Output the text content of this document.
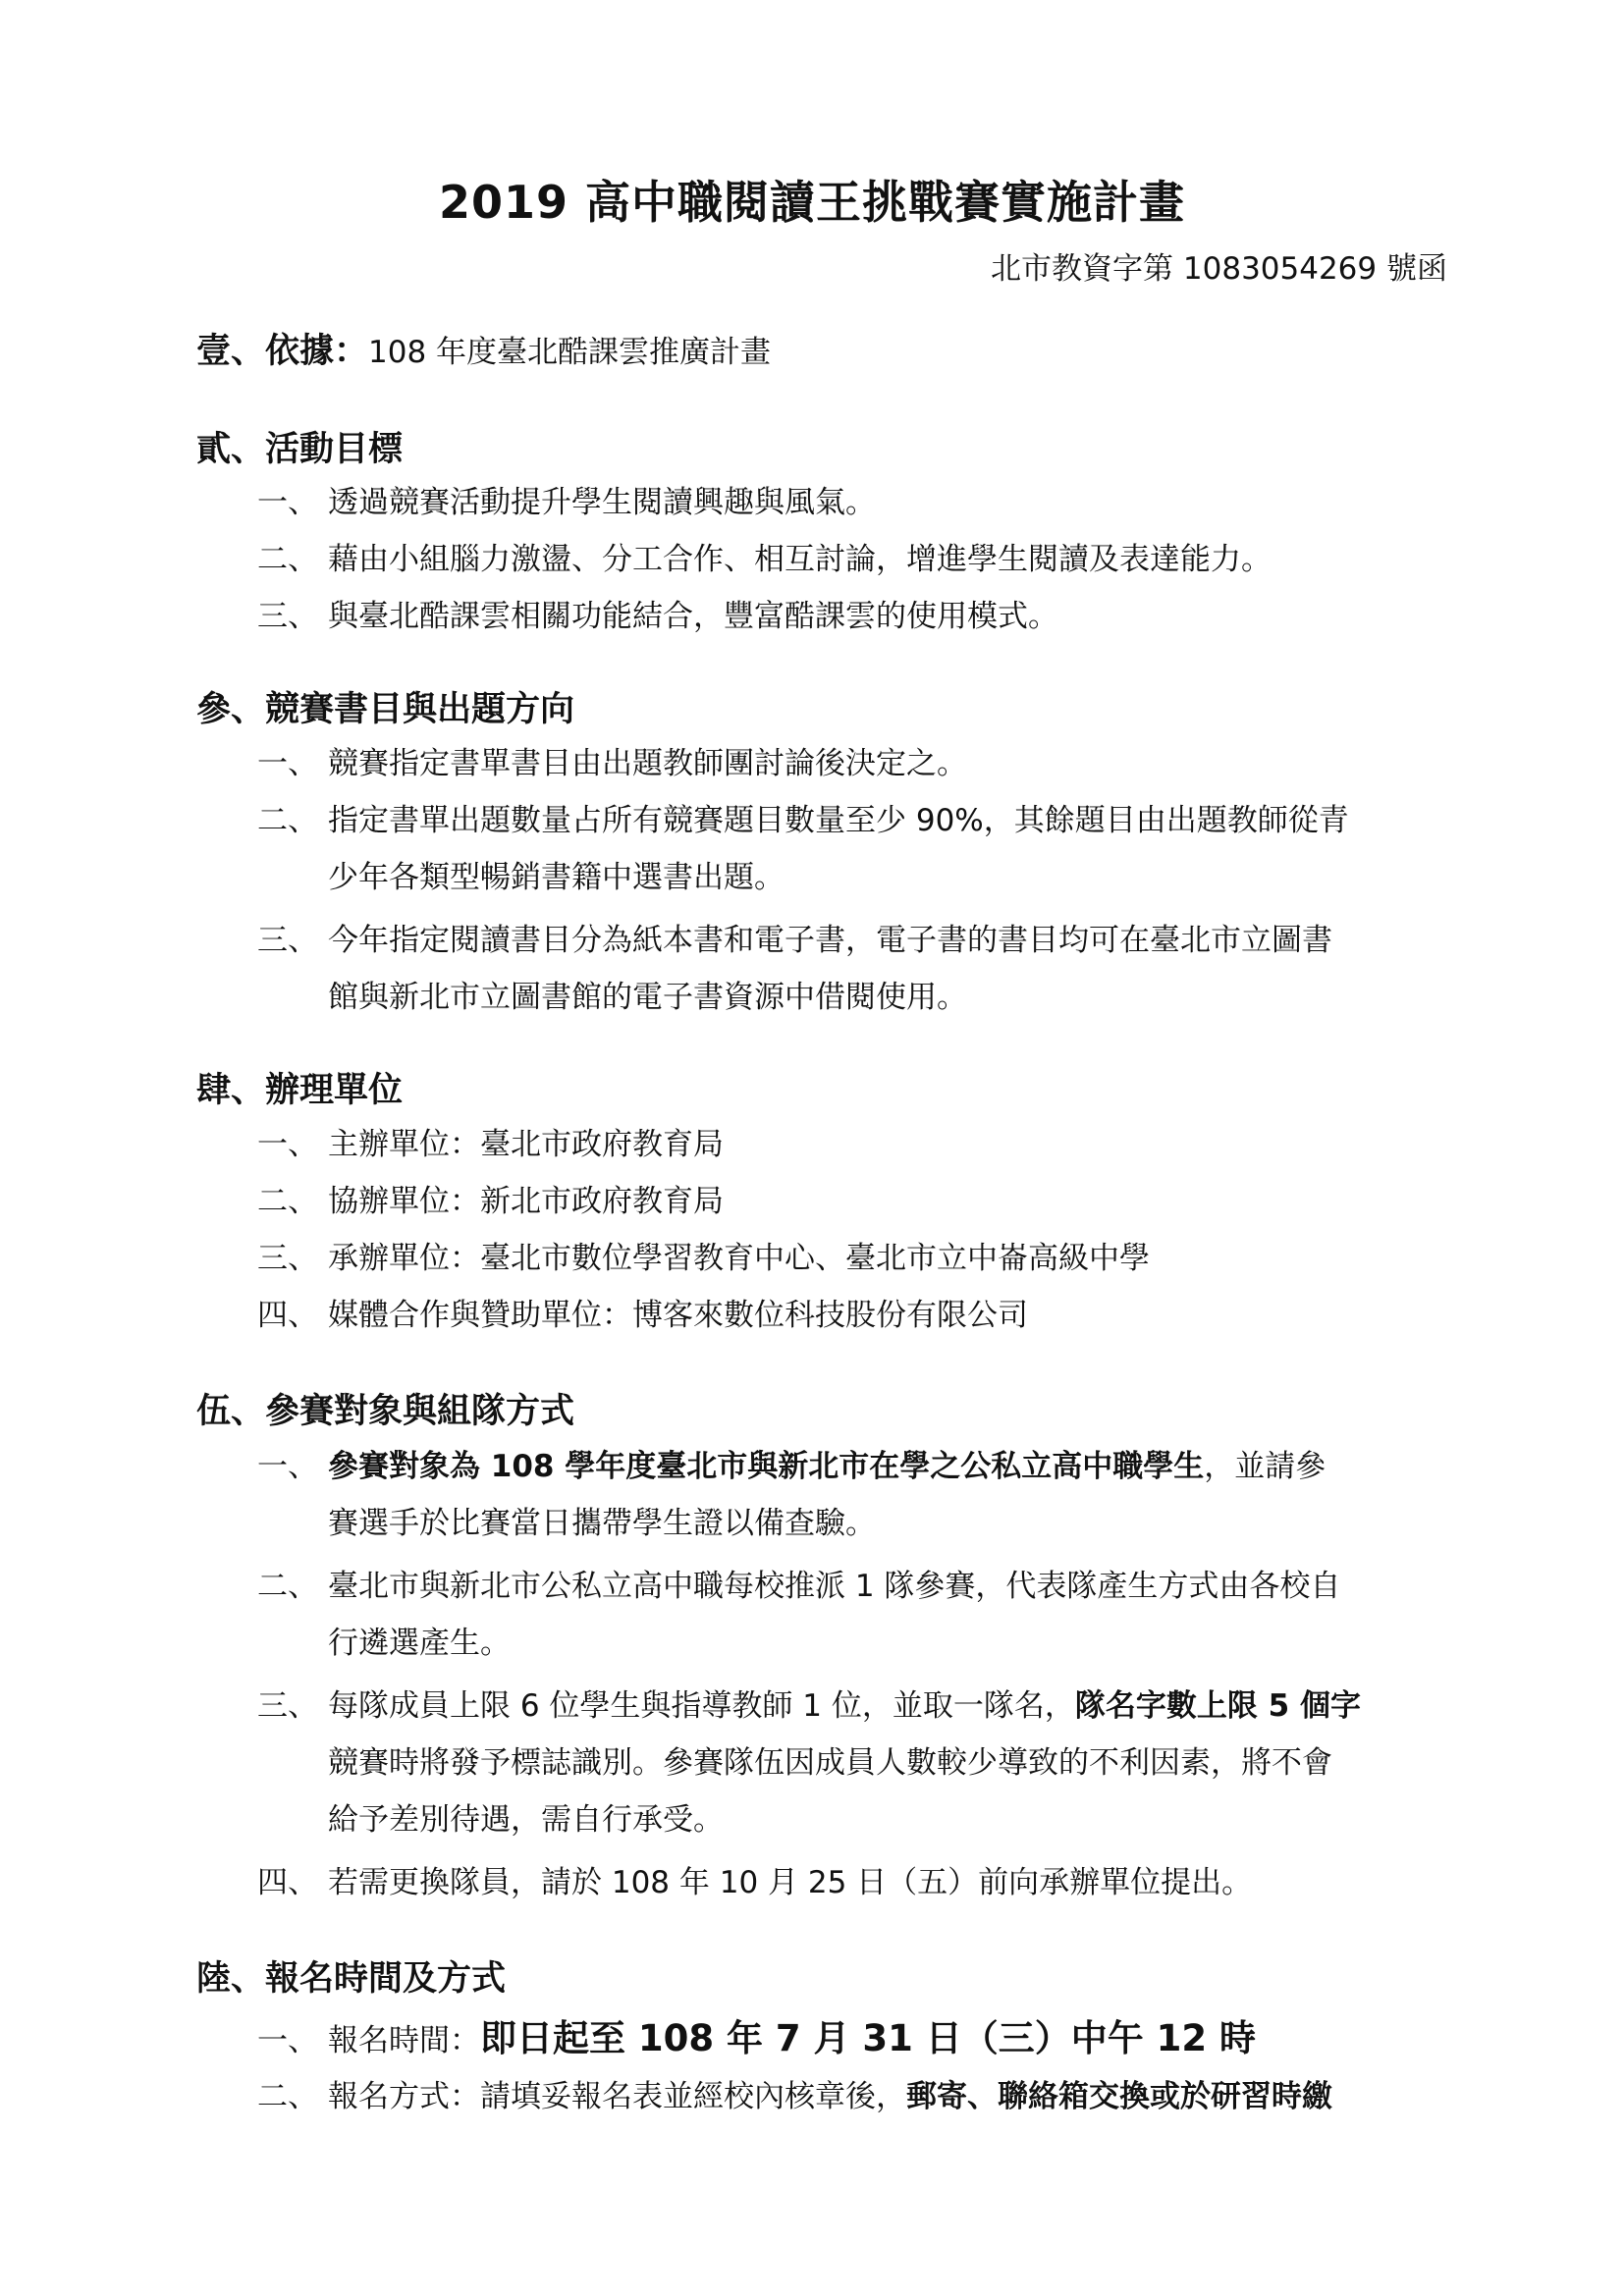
2019 高中職閱讀王挑戰賽實施計畫
北市教資字第 1083054269 號函
壹、依據：108 年度臺北酷課雲推廣計畫
貳、活動目標
一、 透過競賽活動提升學生閱讀興趣與風氣。
二、 藉由小組腦力激盪、分工合作、相互討論，增進學生閱讀及表達能力。
三、 與臺北酷課雲相關功能結合，豐富酷課雲的使用模式。
參、競賽書目與出題方向
一、 競賽指定書單書目由出題教師團討論後決定之。
二、 指定書單出題數量占所有競賽題目數量至少 90%，其餘題目由出題教師從青
少年各類型暢銷書籍中選書出題。
三、 今年指定閱讀書目分為紙本書和電子書，電子書的書目均可在臺北市立圖書
館與新北市立圖書館的電子書資源中借閱使用。
肆、辦理單位
一、 主辦單位：臺北市政府教育局
二、 協辦單位：新北市政府教育局
三、 承辦單位：臺北市數位學習教育中心、臺北市立中崙高級中學
四、 媒體合作與贊助單位：博客來數位科技股份有限公司
伍、參賽對象與組隊方式
一、 參賽對象為 108 學年度臺北市與新北市在學之公私立高中職學生，並請參
賽選手於比賽當日攜帶學生證以備查驗。
二、 臺北市與新北市公私立高中職每校推派 1 隊參賽，代表隊產生方式由各校自
行遴選產生。
三、 每隊成員上限 6 位學生與指導教師 1 位，並取一隊名，隊名字數上限 5 個字
競賽時將發予標誌識別。參賽隊伍因成員人數較少導致的不利因素，將不會
給予差別待遇，需自行承受。
四、 若需更換隊員，請於 108 年 10 月 25 日（五）前向承辦單位提出。
陸、報名時間及方式
一、 報名時間：即日起至 108 年 7 月 31 日（三）中午 12 時
二、 報名方式：請填妥報名表並經校內核章後，郵寄、聯絡箱交換或於研習時繳
